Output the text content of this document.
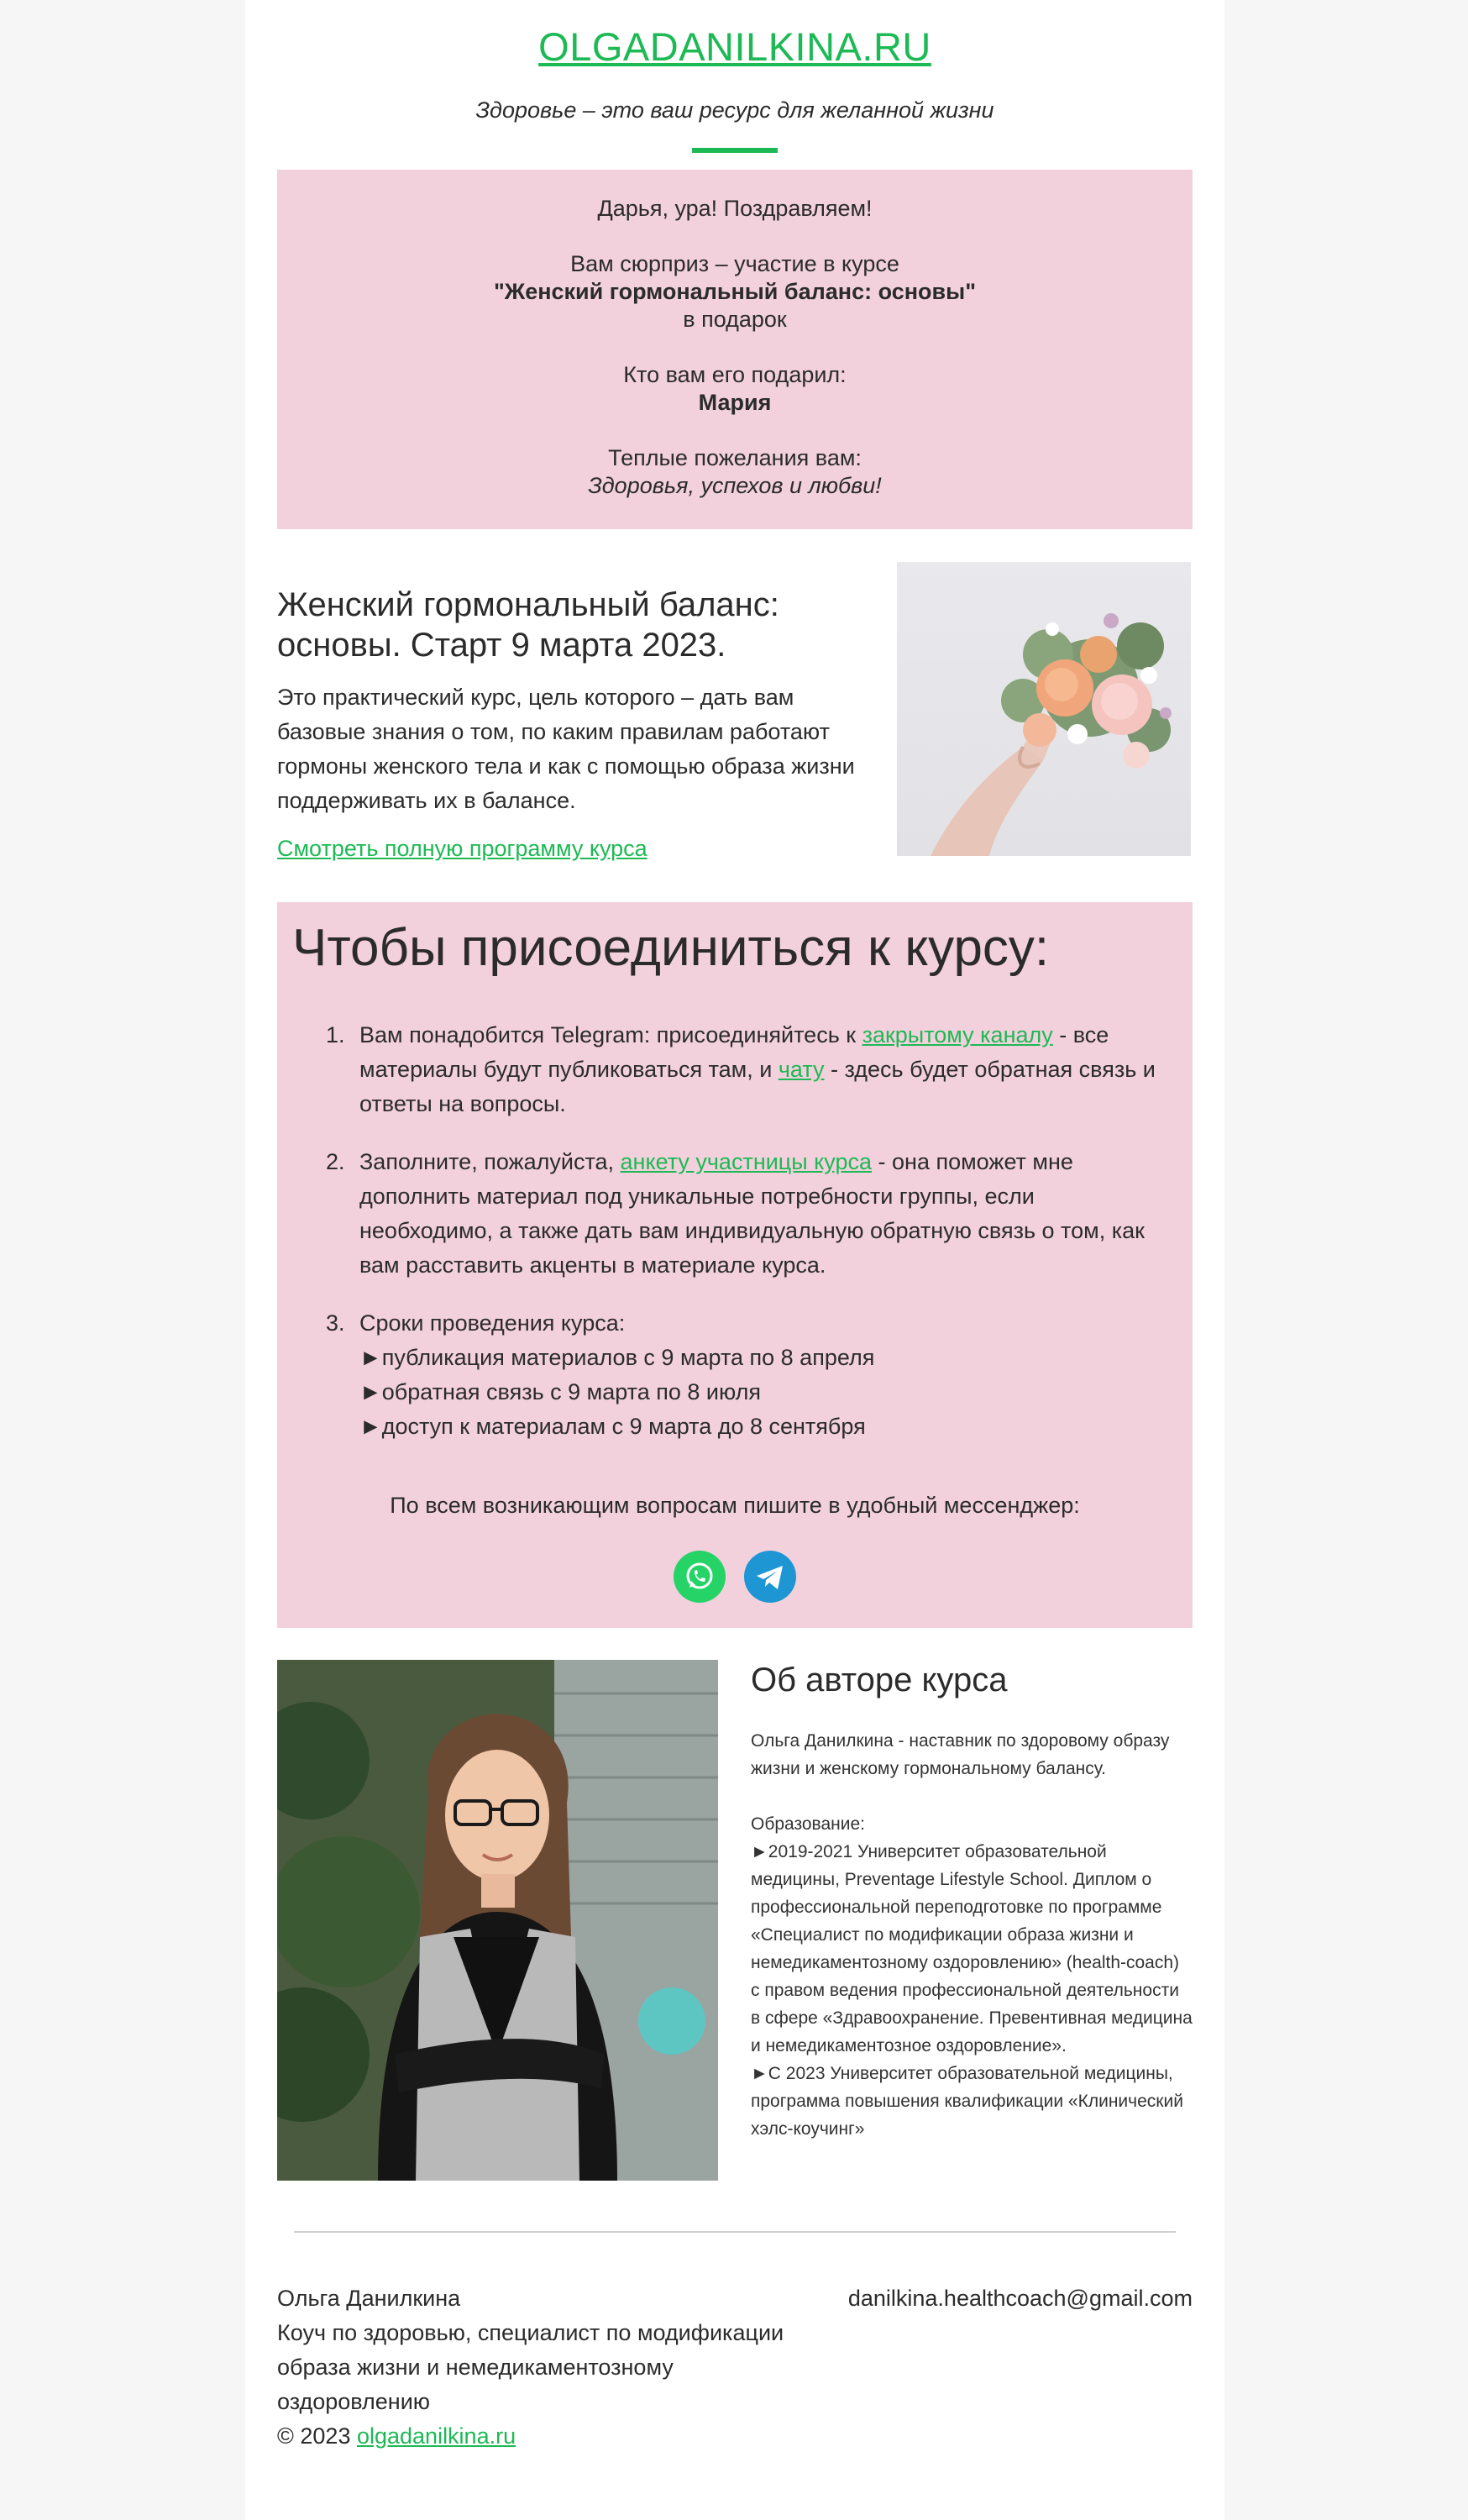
OLGADANILKINA.RU
Здоровье – это ваш ресурс для желанной жизни

Дарья, ура! Поздравляем!

Вам сюрприз – участие в курсе

"Женский гормональный баланс: основы"

в подарок

Кто вам его подарил:

Мария

Теплые пожелания вам:

Здоровья, успехов и любви!

Женский гормональный баланс: основы. Старт 9 марта 2023.
Это практический курс, цель которого – дать вам базовые знания о том, по каким правилам работают гормоны женского тела и как с помощью образа жизни поддерживать их в балансе.
Смотреть полную программу курса
Чтобы присоединиться к курсу:
1. Вам понадобится Telegram: присоединяйтесь к закрытому каналу - все материалы будут публиковаться там, и чату - здесь будет обратная связь и ответы на вопросы.
2. Заполните, пожалуйста, анкету участницы курса - она поможет мне дополнить материал под уникальные потребности группы, если необходимо, а также дать вам индивидуальную обратную связь о том, как вам расставить акценты в материале курса.
3. Сроки проведения курса:
►публикация материалов с 9 марта по 8 апреля
►обратная связь с 9 марта по 8 июля
►доступ к материалам с 9 марта до 8 сентября
По всем возникающим вопросам пишите в удобный мессенджер:
Об авторе курса

Ольга Данилкина - наставник по здоровому образу жизни и женскому гормональному балансу.

Образование:

►2019-2021 Университет образовательной медицины, Preventage Lifestyle School. Диплом о профессиональной переподготовке по программе «Специалист по модификации образа жизни и немедикаментозному оздоровлению» (health-coach) с правом ведения профессиональной деятельности в сфере «Здравоохранение. Превентивная медицина и немедикаментозное оздоровление».

►С 2023 Университет образовательной медицины, программа повышения квалификации «Клинический хэлс-коучинг»

Ольга Данилкина
Коуч по здоровью, специалист по модификации образа жизни и немедикаментозному оздоровлению
© 2023 olgadanilkina.ru
danilkina.healthcoach@gmail.com
